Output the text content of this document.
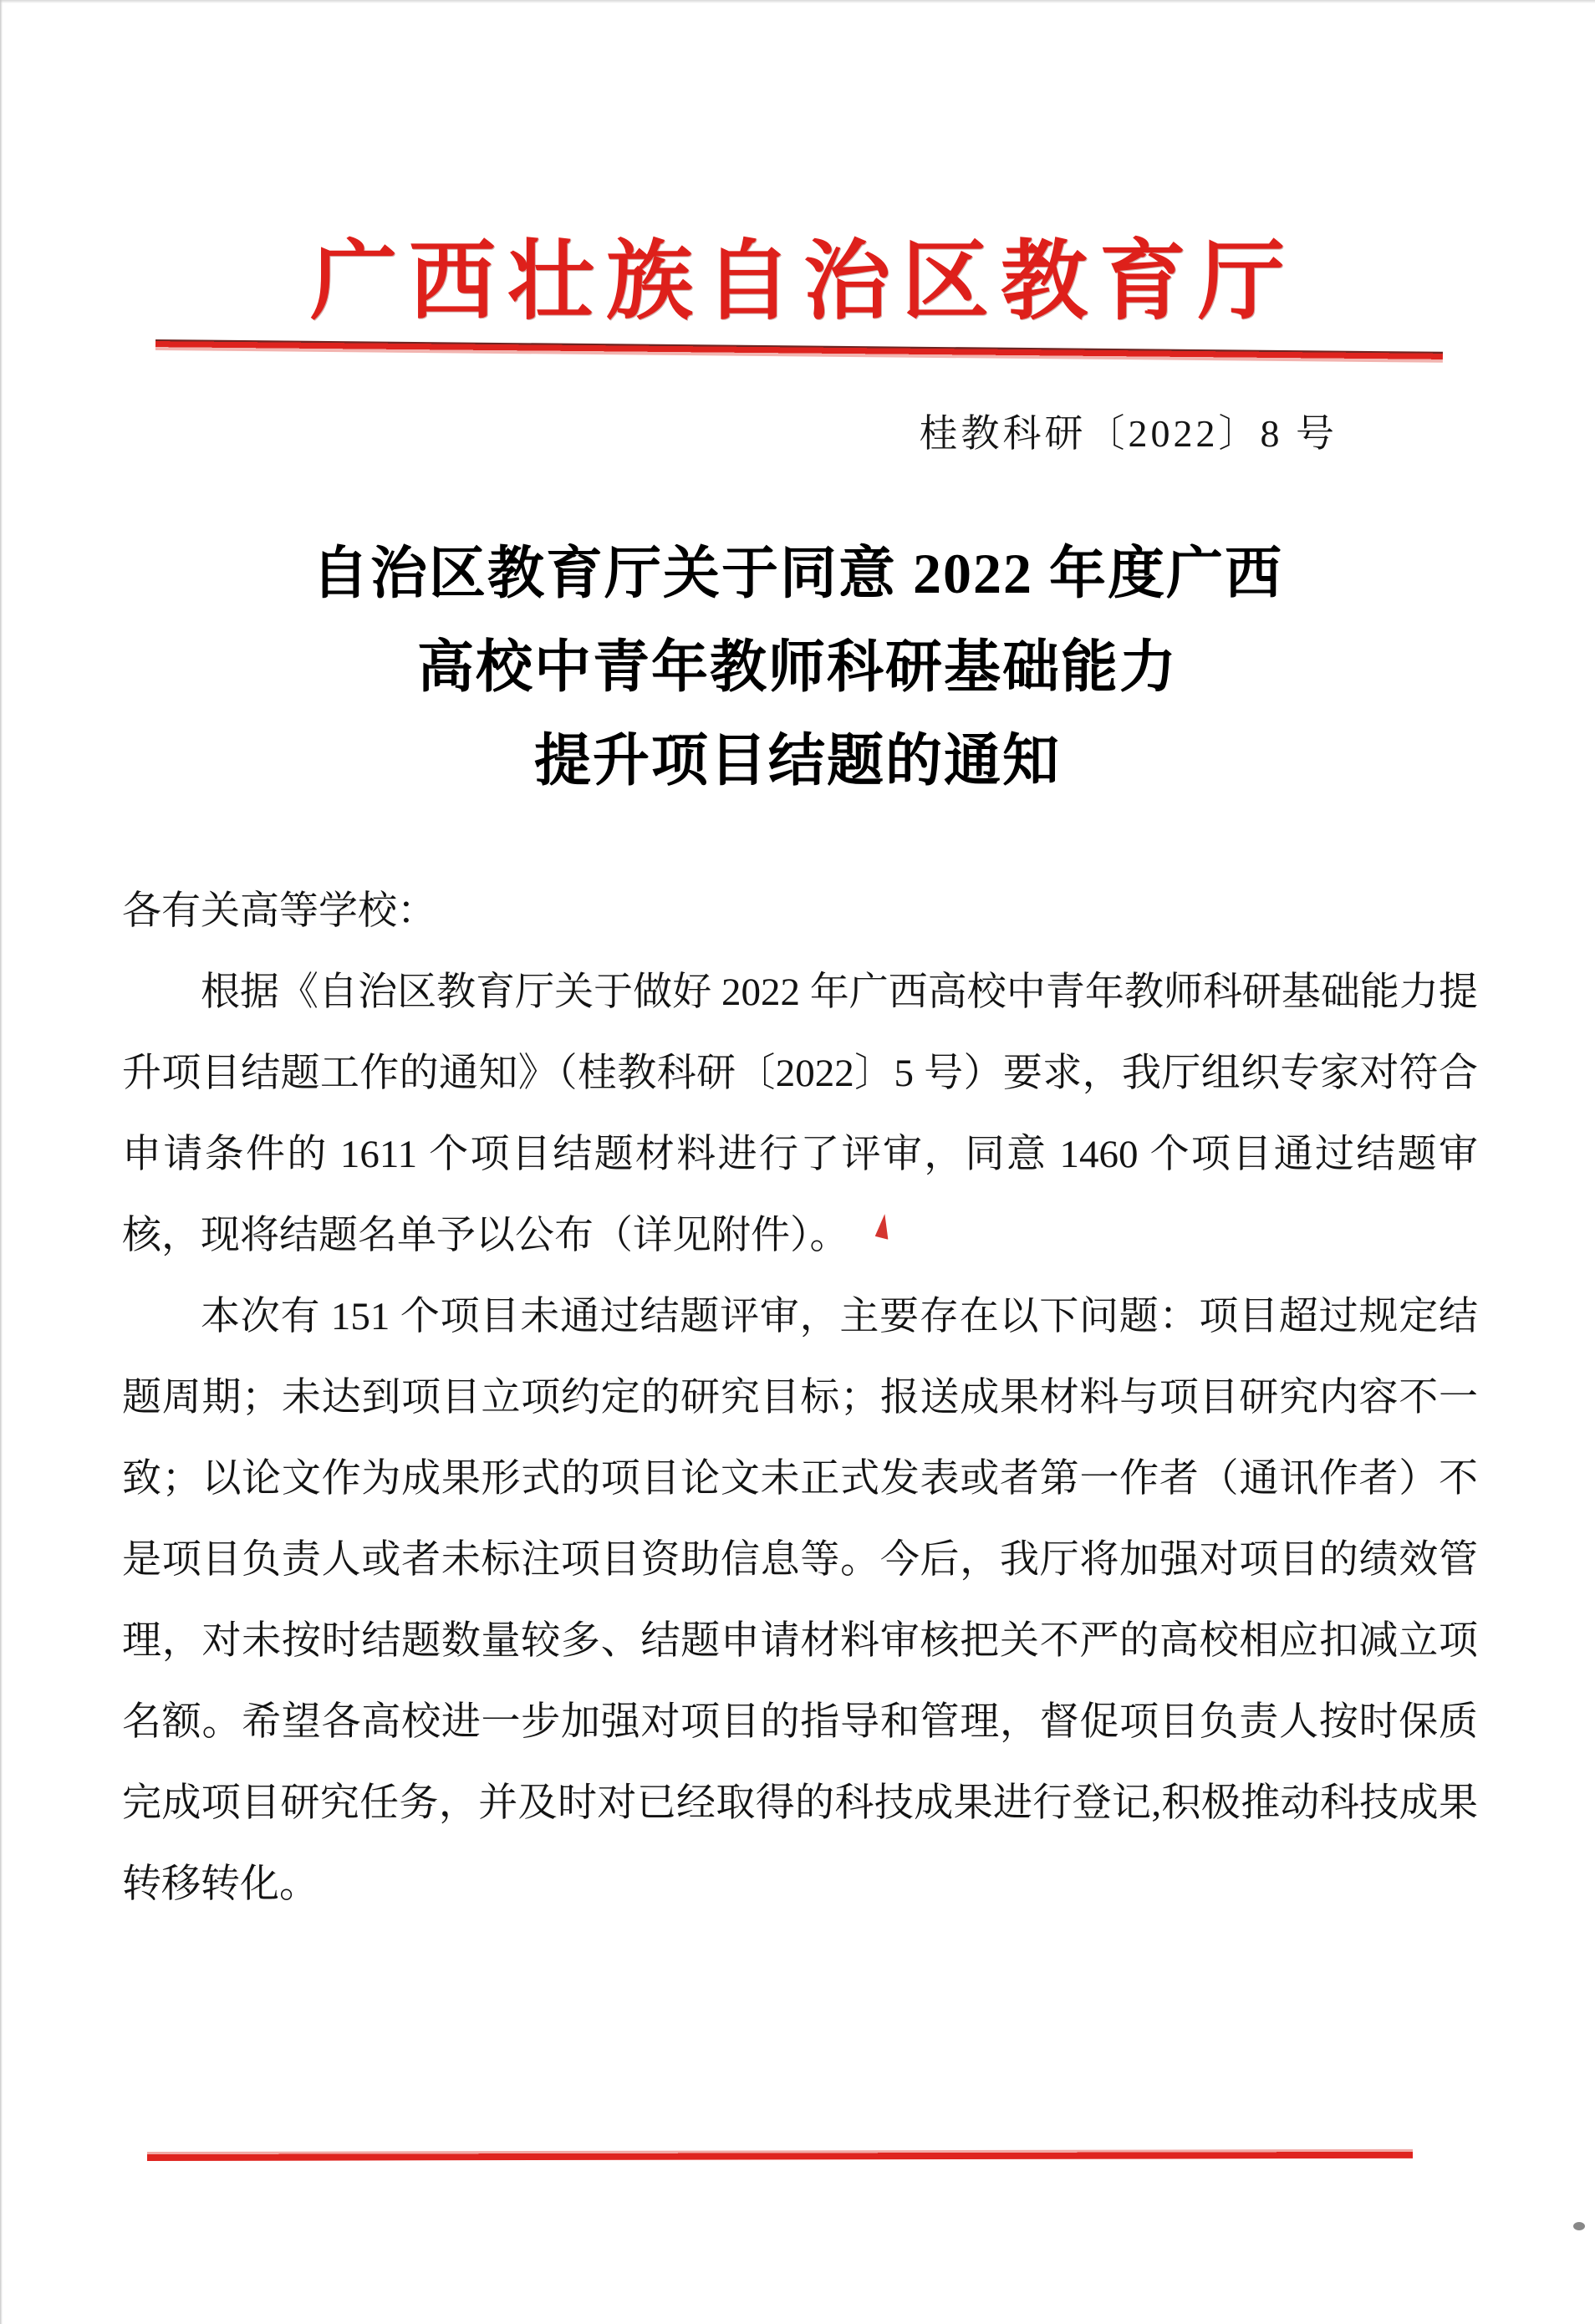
广西壮族自治区教育厅
桂教科研〔2022〕8 号
自治区教育厅关于同意 2022 年度广西
高校中青年教师科研基础能力
提升项目结题的通知

各有关高等学校：

根据《自治区教育厅关于做好 2022 年广西高校中青年教师科研基础能力提升项目结题工作的通知》（桂教科研〔2022〕5 号）要求，我厅组织专家对符合申请条件的 1611 个项目结题材料进行了评审，同意 1460 个项目通过结题审核，现将结题名单予以公布（详见附件）。

本次有 151 个项目未通过结题评审，主要存在以下问题：项目超过规定结题周期；未达到项目立项约定的研究目标；报送成果材料与项目研究内容不一致；以论文作为成果形式的项目论文未正式发表或者第一作者（通讯作者）不是项目负责人或者未标注项目资助信息等。今后，我厅将加强对项目的绩效管理，对未按时结题数量较多、结题申请材料审核把关不严的高校相应扣减立项名额。希望各高校进一步加强对项目的指导和管理，督促项目负责人按时保质完成项目研究任务，并及时对已经取得的科技成果进行登记,积极推动科技成果转移转化。
